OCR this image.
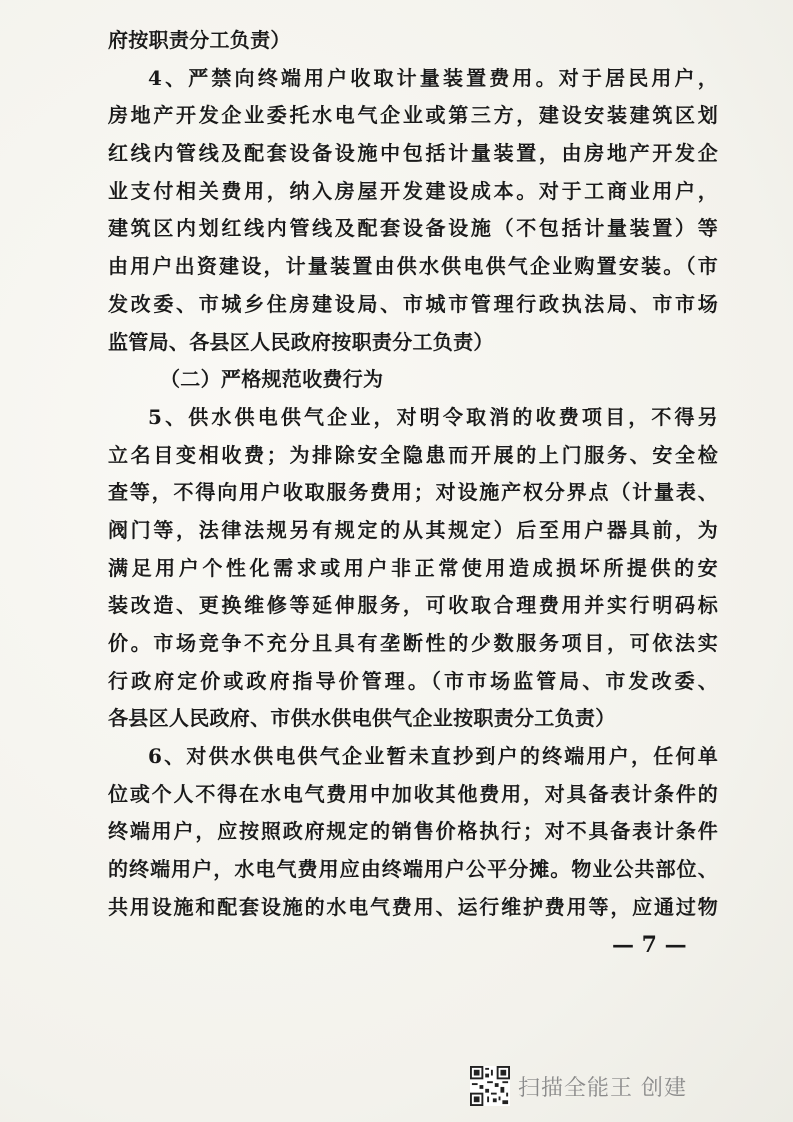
府按职责分工负责）
4、严禁向终端用户收取计量装置费用。对于居民用户，
房地产开发企业委托水电气企业或第三方，建设安装建筑区划
红线内管线及配套设备设施中包括计量装置，由房地产开发企
业支付相关费用，纳入房屋开发建设成本。对于工商业用户，
建筑区内划红线内管线及配套设备设施（不包括计量装置）等
由用户出资建设，计量装置由供水供电供气企业购置安装。（市
发改委、市城乡住房建设局、市城市管理行政执法局、市市场
监管局、各县区人民政府按职责分工负责）
（二）严格规范收费行为
5、供水供电供气企业，对明令取消的收费项目，不得另
立名目变相收费；为排除安全隐患而开展的上门服务、安全检
查等，不得向用户收取服务费用；对设施产权分界点（计量表、
阀门等，法律法规另有规定的从其规定）后至用户器具前，为
满足用户个性化需求或用户非正常使用造成损坏所提供的安
装改造、更换维修等延伸服务，可收取合理费用并实行明码标
价。市场竞争不充分且具有垄断性的少数服务项目，可依法实
行政府定价或政府指导价管理。（市市场监管局、市发改委、
各县区人民政府、市供水供电供气企业按职责分工负责）
6、对供水供电供气企业暂未直抄到户的终端用户，任何单
位或个人不得在水电气费用中加收其他费用，对具备表计条件的
终端用户，应按照政府规定的销售价格执行；对不具备表计条件
的终端用户，水电气费用应由终端用户公平分摊。物业公共部位、
共用设施和配套设施的水电气费用、运行维护费用等，应通过物
— 7 —
扫描全能王 创建
